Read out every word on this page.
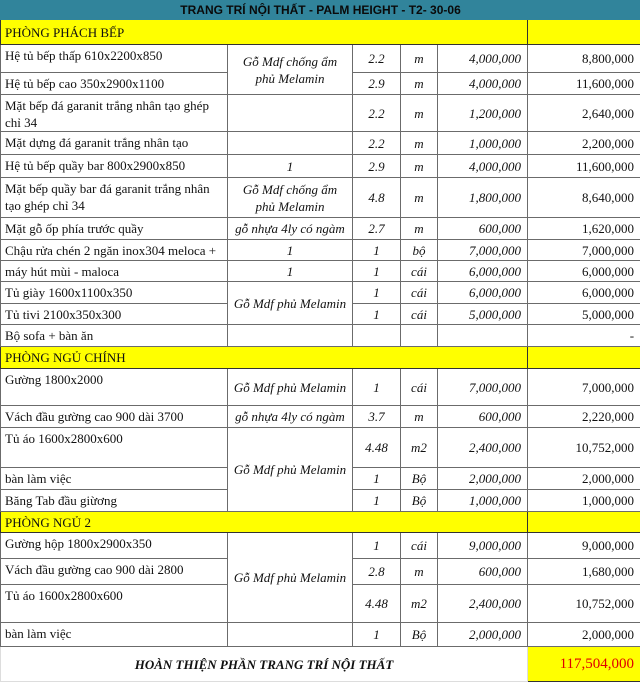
TRANG TRÍ NỘI THẤT - PALM HEIGHT - T2- 30-06					
PHÒNG PHÁCH BẾP					
Hệ tủ bếp thấp 610x2200x850	Gỗ Mdf chống ẩm phủ Melamin	2.2	m	4,000,000	8,800,000
Hệ tủ bếp cao 350x2900x1100		2.9	m	4,000,000	11,600,000
Mặt bếp đá garanit trắng nhân tạo ghép chỉ 34		2.2	m	1,200,000	2,640,000
Mặt dựng đá garanit trắng nhân tạo		2.2	m	1,000,000	2,200,000
Hệ tủ bếp quầy bar 800x2900x850	1	2.9	m	4,000,000	11,600,000
Mặt bếp quầy bar đá garanit trắng nhân tạo ghép chỉ 34	Gỗ Mdf chống ẩm phủ Melamin	4.8	m	1,800,000	8,640,000
Mặt gỗ ốp phía trước quầy	gỗ nhựa 4ly có ngàm	2.7	m	600,000	1,620,000
Chậu rửa chén 2 ngăn inox304 meloca +	1	1	bộ	7,000,000	7,000,000
máy hút mùi - maloca	1	1	cái	6,000,000	6,000,000
Tủ giày 1600x1100x350	Gỗ Mdf phủ Melamin	1	cái	6,000,000	6,000,000
Tủ tivi 2100x350x300		1	cái	5,000,000	5,000,000
Bộ sofa + bàn ăn					-
PHÒNG NGỦ CHÍNH					
Gường 1800x2000	Gỗ Mdf phủ Melamin	1	cái	7,000,000	7,000,000
Vách đầu gường cao 900 dài 3700	gỗ nhựa 4ly có ngàm	3.7	m	600,000	2,220,000
Tủ áo 1600x2800x600	Gỗ Mdf phủ Melamin	4.48	m2	2,400,000	10,752,000
bàn làm việc		1	Bộ	2,000,000	2,000,000
Băng Tab đầu giừơng		1	Bộ	1,000,000	1,000,000
PHÒNG NGỦ 2					
Gường hộp 1800x2900x350	Gỗ Mdf phủ Melamin	1	cái	9,000,000	9,000,000
Vách đầu gường cao 900 dài 2800		2.8	m	600,000	1,680,000
Tủ áo 1600x2800x600		4.48	m2	2,400,000	10,752,000
bàn làm việc		1	Bộ	2,000,000	2,000,000
HOÀN THIỆN PHẦN TRANG TRÍ NỘI THẤT					117,504,000
